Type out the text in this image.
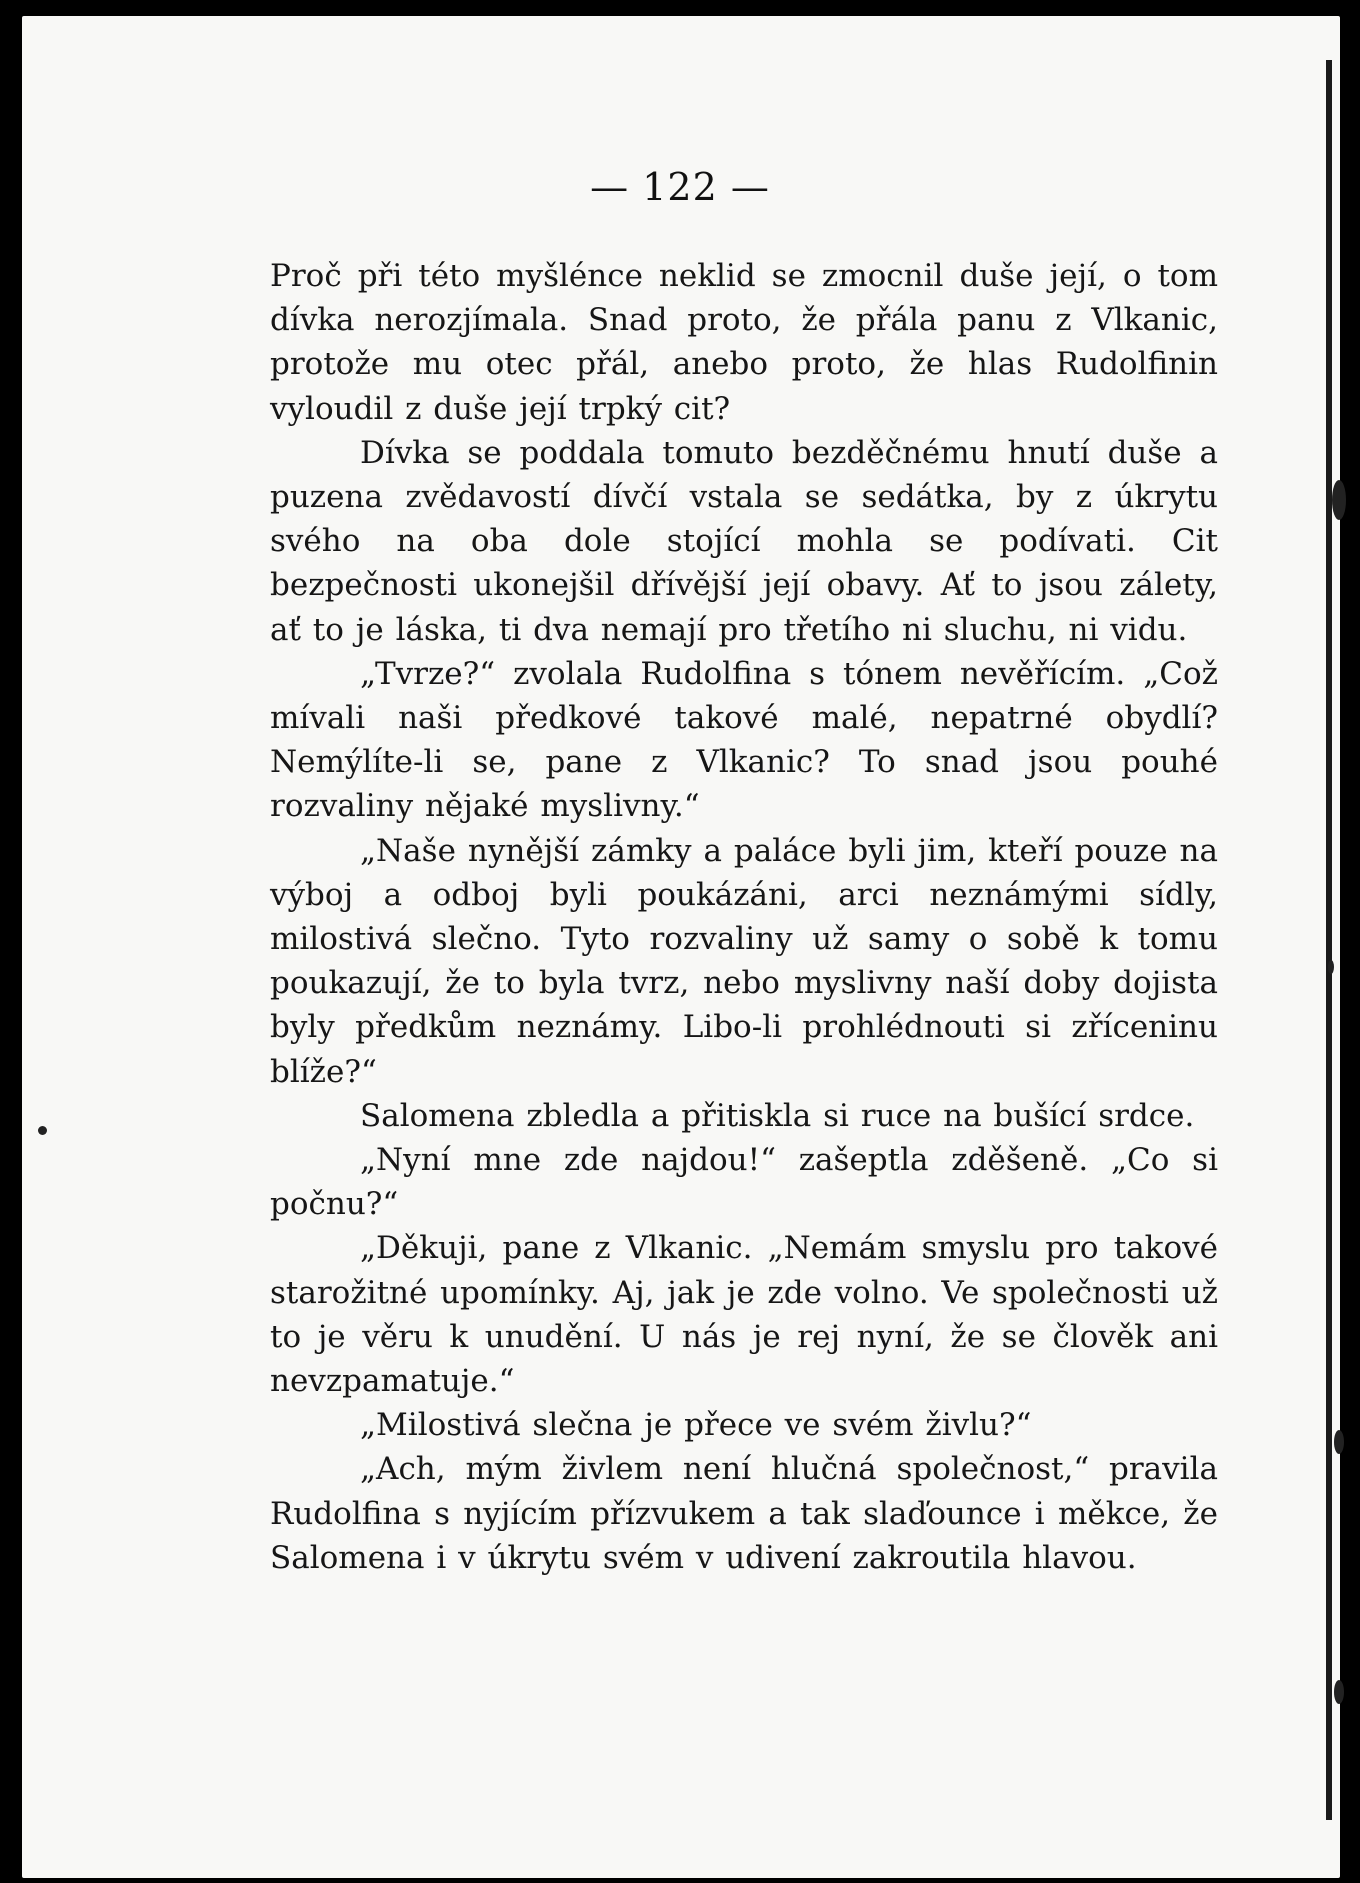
— 122 —

Proč při této myšlénce neklid se zmocnil duše její, o tom dívka nerozjímala. Snad proto, že přála panu z Vlkanic, protože mu otec přál, anebo proto, že hlas Rudolfinin vyloudil z duše její trpký cit?

Dívka se poddala tomuto bezděčnému hnutí duše a puzena zvědavostí dívčí vstala se sedátka, by z úkrytu svého na oba dole stojící mohla se podívati. Cit bezpečnosti ukonejšil dřívější její obavy. Ať to jsou zálety, ať to je láska, ti dva nemají pro třetího ni sluchu, ni vidu.

„Tvrze?“ zvolala Rudolfina s tónem nevěřícím. „Což mívali naši předkové takové malé, nepatrné obydlí? Nemýlíte-li se, pane z Vlkanic? To snad jsou pouhé rozvaliny nějaké myslivny.“

„Naše nynější zámky a paláce byli jim, kteří pouze na výboj a odboj byli poukázáni, arci neznámými sídly, milostivá slečno. Tyto rozvaliny už samy o sobě k tomu poukazují, že to byla tvrz, nebo myslivny naší doby dojista byly předkům neznámy. Libo-li prohlédnouti si zříceninu blíže?“

Salomena zbledla a přitiskla si ruce na bušící srdce.

„Nyní mne zde najdou!“ zašeptla zděšeně. „Co si počnu?“

„Děkuji, pane z Vlkanic. „Nemám smyslu pro takové starožitné upomínky. Aj, jak je zde volno. Ve společnosti už to je věru k unudění. U nás je rej nyní, že se člověk ani nevzpamatuje.“

„Milostivá slečna je přece ve svém živlu?“

„Ach, mým živlem není hlučná společnost,“ pravila Rudolfina s nyjícím přízvukem a tak slaďounce i měkce, že Salomena i v úkrytu svém v udivení zakroutila hlavou.
